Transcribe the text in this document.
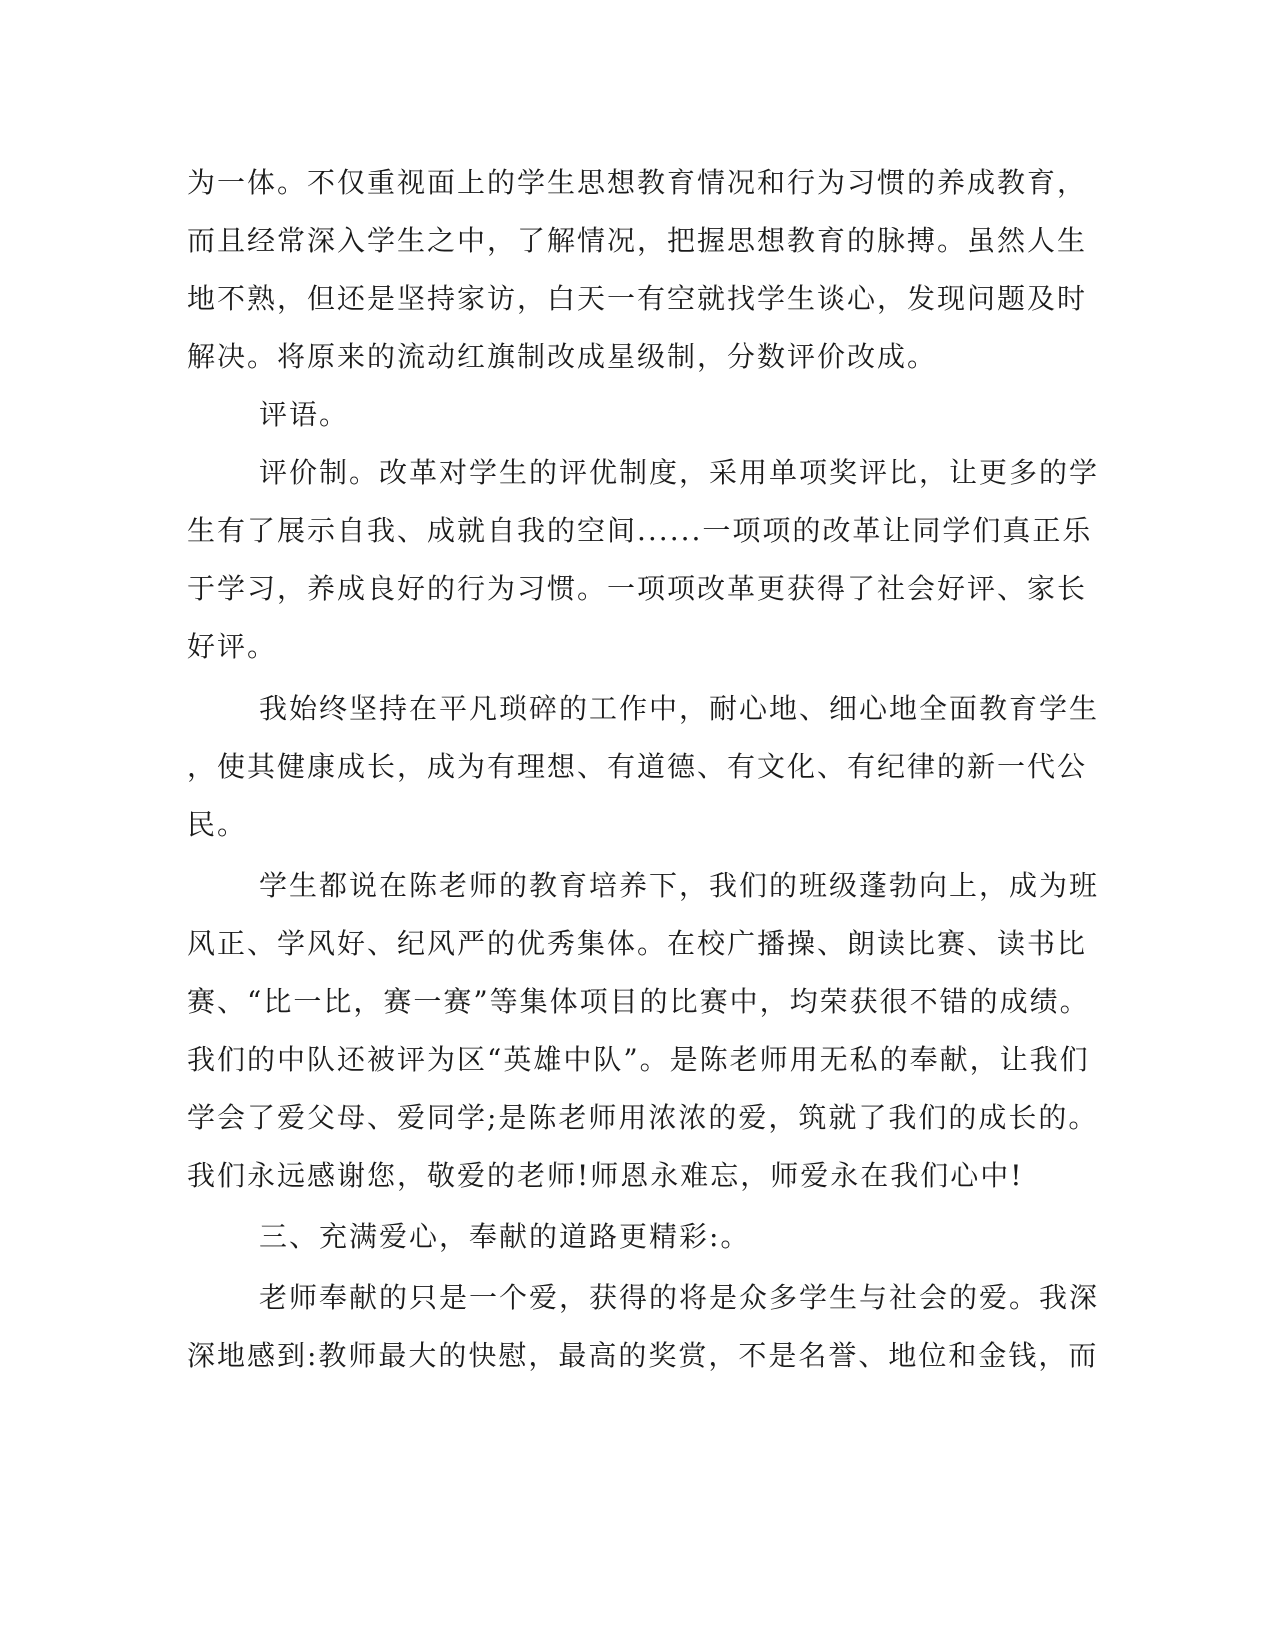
为一体。不仅重视面上的学生思想教育情况和行为习惯的养成教育，
而且经常深入学生之中，了解情况，把握思想教育的脉搏。虽然人生
地不熟，但还是坚持家访，白天一有空就找学生谈心，发现问题及时
解决。将原来的流动红旗制改成星级制，分数评价改成。
评语。
评价制。改革对学生的评优制度，采用单项奖评比，让更多的学
生有了展示自我、成就自我的空间......一项项的改革让同学们真正乐
于学习，养成良好的行为习惯。一项项改革更获得了社会好评、家长
好评。
我始终坚持在平凡琐碎的工作中，耐心地、细心地全面教育学生
，使其健康成长，成为有理想、有道德、有文化、有纪律的新一代公
民。
学生都说在陈老师的教育培养下，我们的班级蓬勃向上，成为班
风正、学风好、纪风严的优秀集体。在校广播操、朗读比赛、读书比
赛、“比一比，赛一赛”等集体项目的比赛中，均荣获很不错的成绩。
我们的中队还被评为区“英雄中队”。是陈老师用无私的奉献，让我们
学会了爱父母、爱同学;是陈老师用浓浓的爱，筑就了我们的成长的。
我们永远感谢您，敬爱的老师!师恩永难忘，师爱永在我们心中!
三、充满爱心，奉献的道路更精彩:。
老师奉献的只是一个爱，获得的将是众多学生与社会的爱。我深
深地感到:教师最大的快慰，最高的奖赏，不是名誉、地位和金钱，而
